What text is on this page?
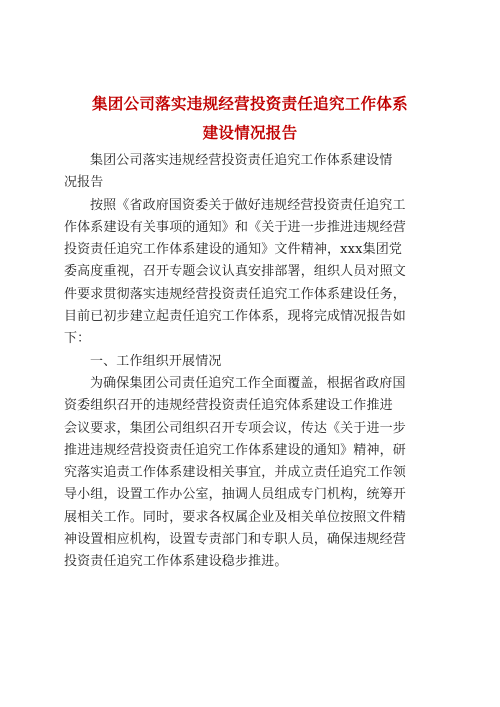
集团公司落实违规经营投资责任追究工作体系
建设情况报告
集团公司落实违规经营投资责任追究工作体系建设情
况报告
按照《省政府国资委关于做好违规经营投资责任追究工
作体系建设有关事项的通知》和《关于进一步推进违规经营
投资责任追究工作体系建设的通知》文件精神，xxx集团党
委高度重视，召开专题会议认真安排部署，组织人员对照文
件要求贯彻落实违规经营投资责任追究工作体系建设任务，
目前已初步建立起责任追究工作体系，现将完成情况报告如
下：
一、工作组织开展情况
为确保集团公司责任追究工作全面覆盖，根据省政府国
资委组织召开的违规经营投资责任追究体系建设工作推进
会议要求，集团公司组织召开专项会议，传达《关于进一步
推进违规经营投资责任追究工作体系建设的通知》精神，研
究落实追责工作体系建设相关事宜，并成立责任追究工作领
导小组，设置工作办公室，抽调人员组成专门机构，统筹开
展相关工作。同时，要求各权属企业及相关单位按照文件精
神设置相应机构，设置专责部门和专职人员，确保违规经营
投资责任追究工作体系建设稳步推进。
